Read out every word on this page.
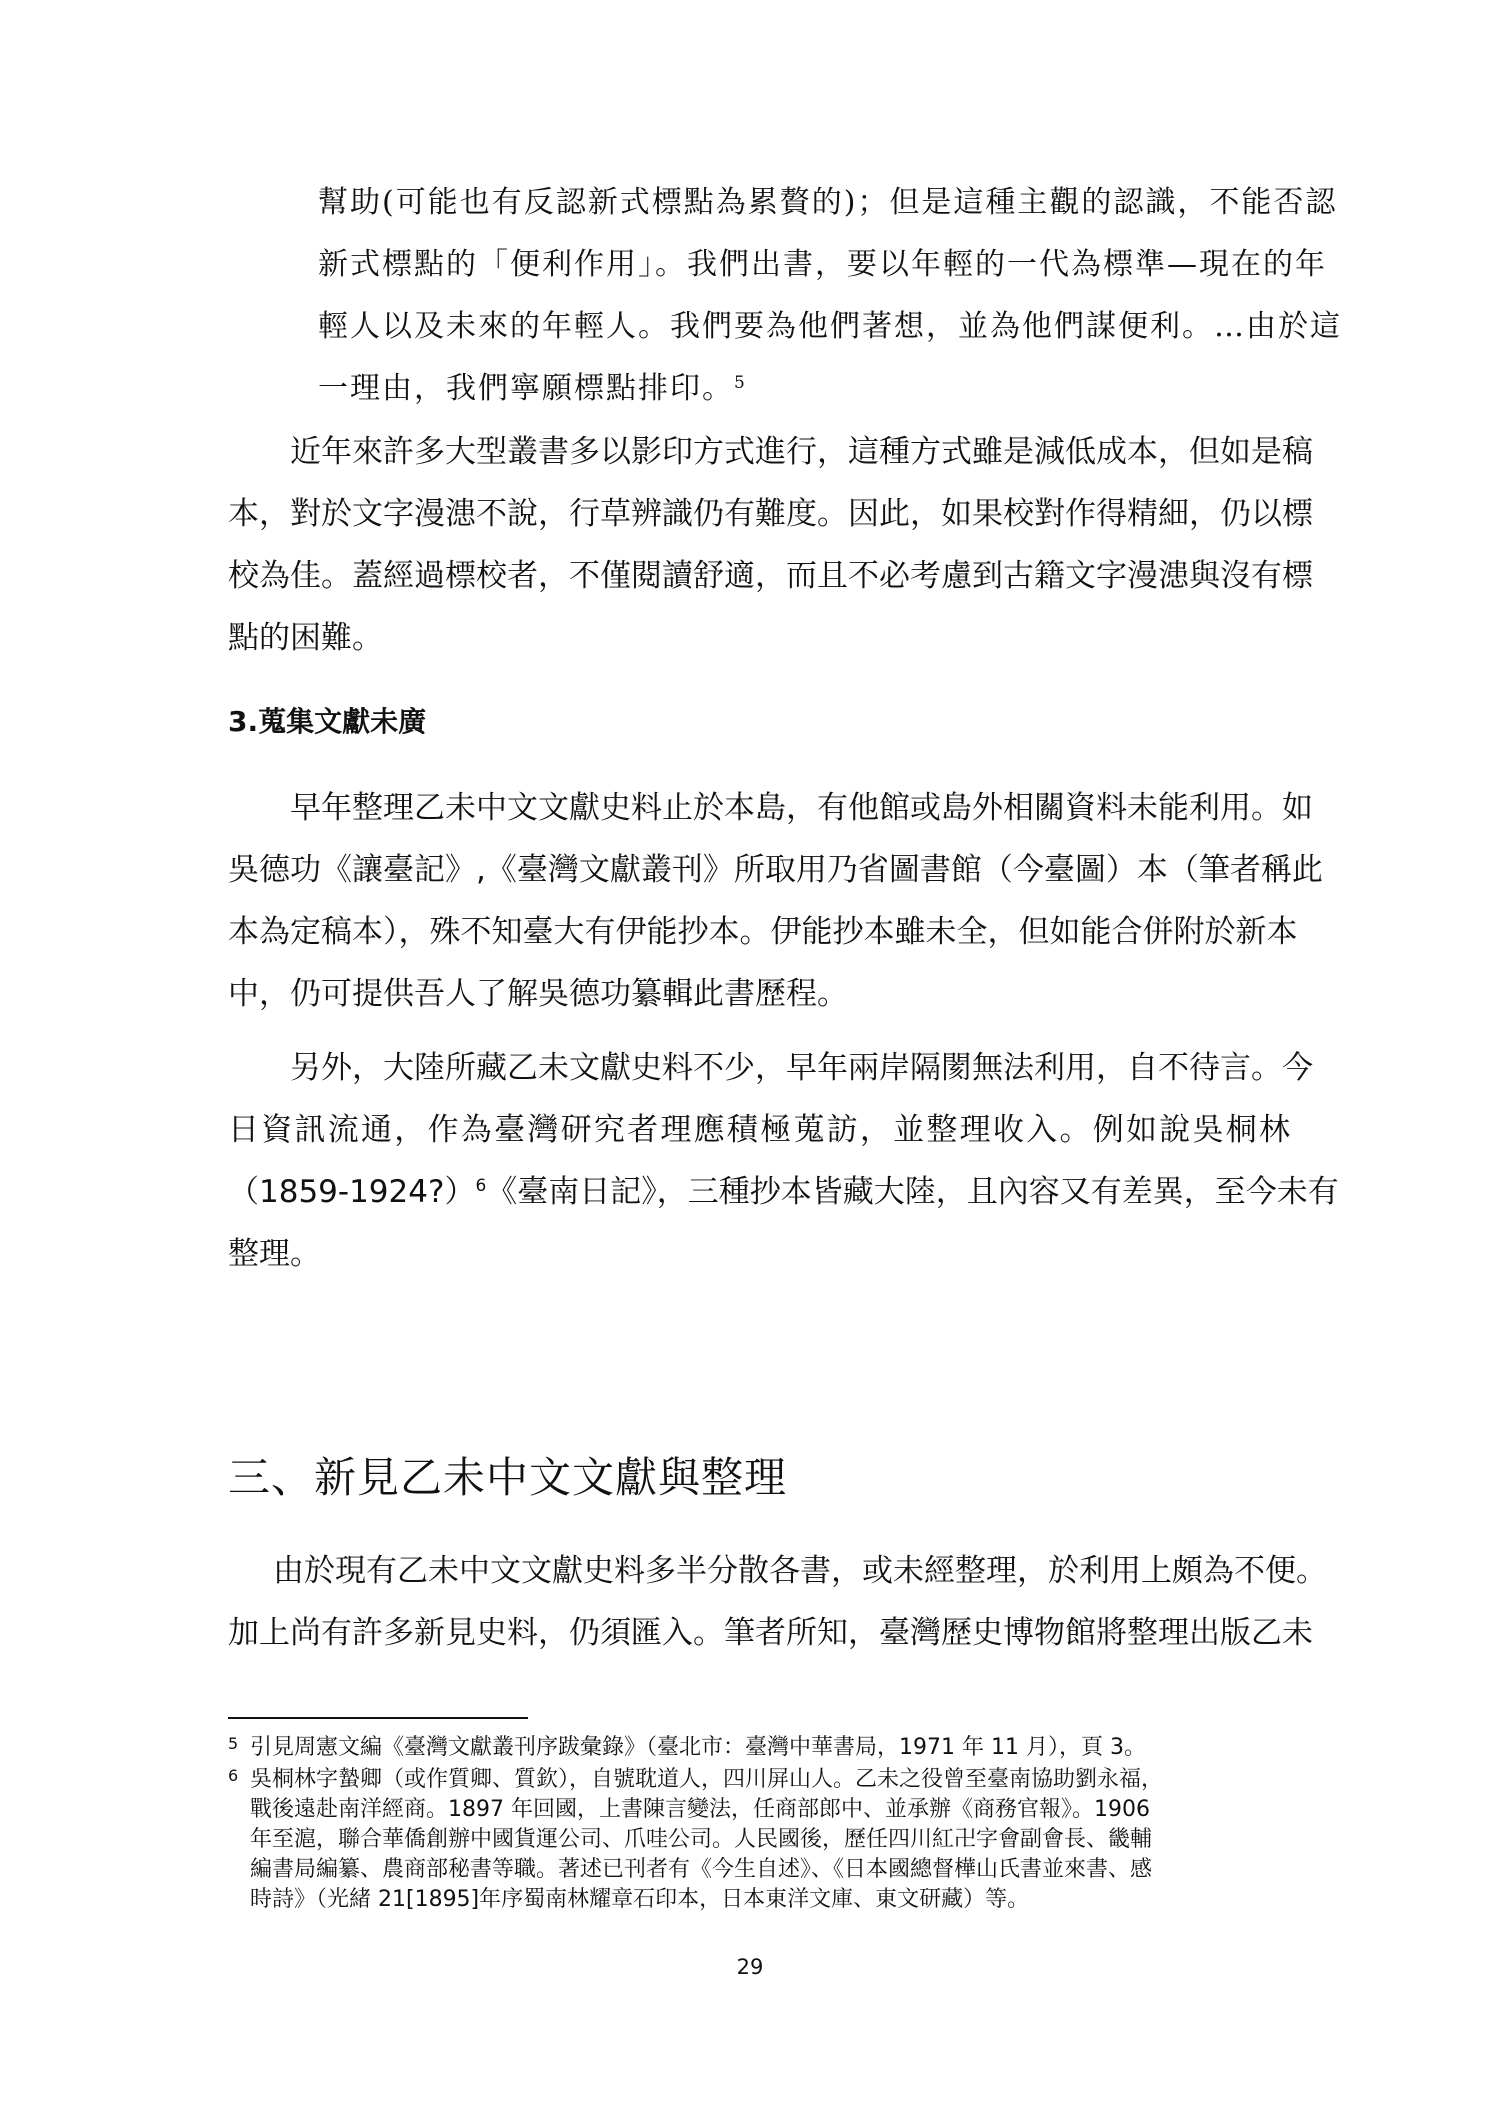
幫助(可能也有反認新式標點為累贅的)；但是這種主觀的認識，不能否認
新式標點的「便利作用」。我們出書，要以年輕的一代為標準—現在的年
輕人以及未來的年輕人。我們要為他們著想，並為他們謀便利。…由於這
一理由，我們寧願標點排印。$^5$
近年來許多大型叢書多以影印方式進行，這種方式雖是減低成本，但如是稿
本，對於文字漫漶不說，行草辨識仍有難度。因此，如果校對作得精細，仍以標
校為佳。蓋經過標校者，不僅閱讀舒適，而且不必考慮到古籍文字漫漶與沒有標
點的困難。
3.蒐集文獻未廣
早年整理乙未中文文獻史料止於本島，有他館或島外相關資料未能利用。如
吳德功《讓臺記》,《臺灣文獻叢刊》所取用乃省圖書館（今臺圖）本（筆者稱此
本為定稿本），殊不知臺大有伊能抄本。伊能抄本雖未全，但如能合併附於新本
中，仍可提供吾人了解吳德功纂輯此書歷程。
另外，大陸所藏乙未文獻史料不少，早年兩岸隔閡無法利用，自不待言。今
日資訊流通，作為臺灣研究者理應積極蒐訪，並整理收入。例如說吳桐林
（1859-1924?）$^6$《臺南日記》，三種抄本皆藏大陸，且內容又有差異，至今未有
整理。
三、新見乙未中文文獻與整理
由於現有乙未中文文獻史料多半分散各書，或未經整理，於利用上頗為不便。
加上尚有許多新見史料，仍須匯入。筆者所知，臺灣歷史博物館將整理出版乙未
5 引見周憲文編《臺灣文獻叢刊序跋彙錄》（臺北市：臺灣中華書局，1971 年 11 月），頁 3。
6 吳桐林字蟄卿（或作質卿、質欽），自號耽道人，四川屏山人。乙未之役曾至臺南協助劉永福，
戰後遠赴南洋經商。1897 年回國，上書陳言變法，任商部郎中、並承辦《商務官報》。1906
年至滬，聯合華僑創辦中國貨運公司、爪哇公司。人民國後，歷任四川紅卍字會副會長、畿輔
編書局編纂、農商部秘書等職。著述已刊者有《今生自述》、《日本國總督樺山氏書並來書、感
時詩》（光緒 21[1895]年序蜀南林耀章石印本，日本東洋文庫、東文研藏）等。
29
